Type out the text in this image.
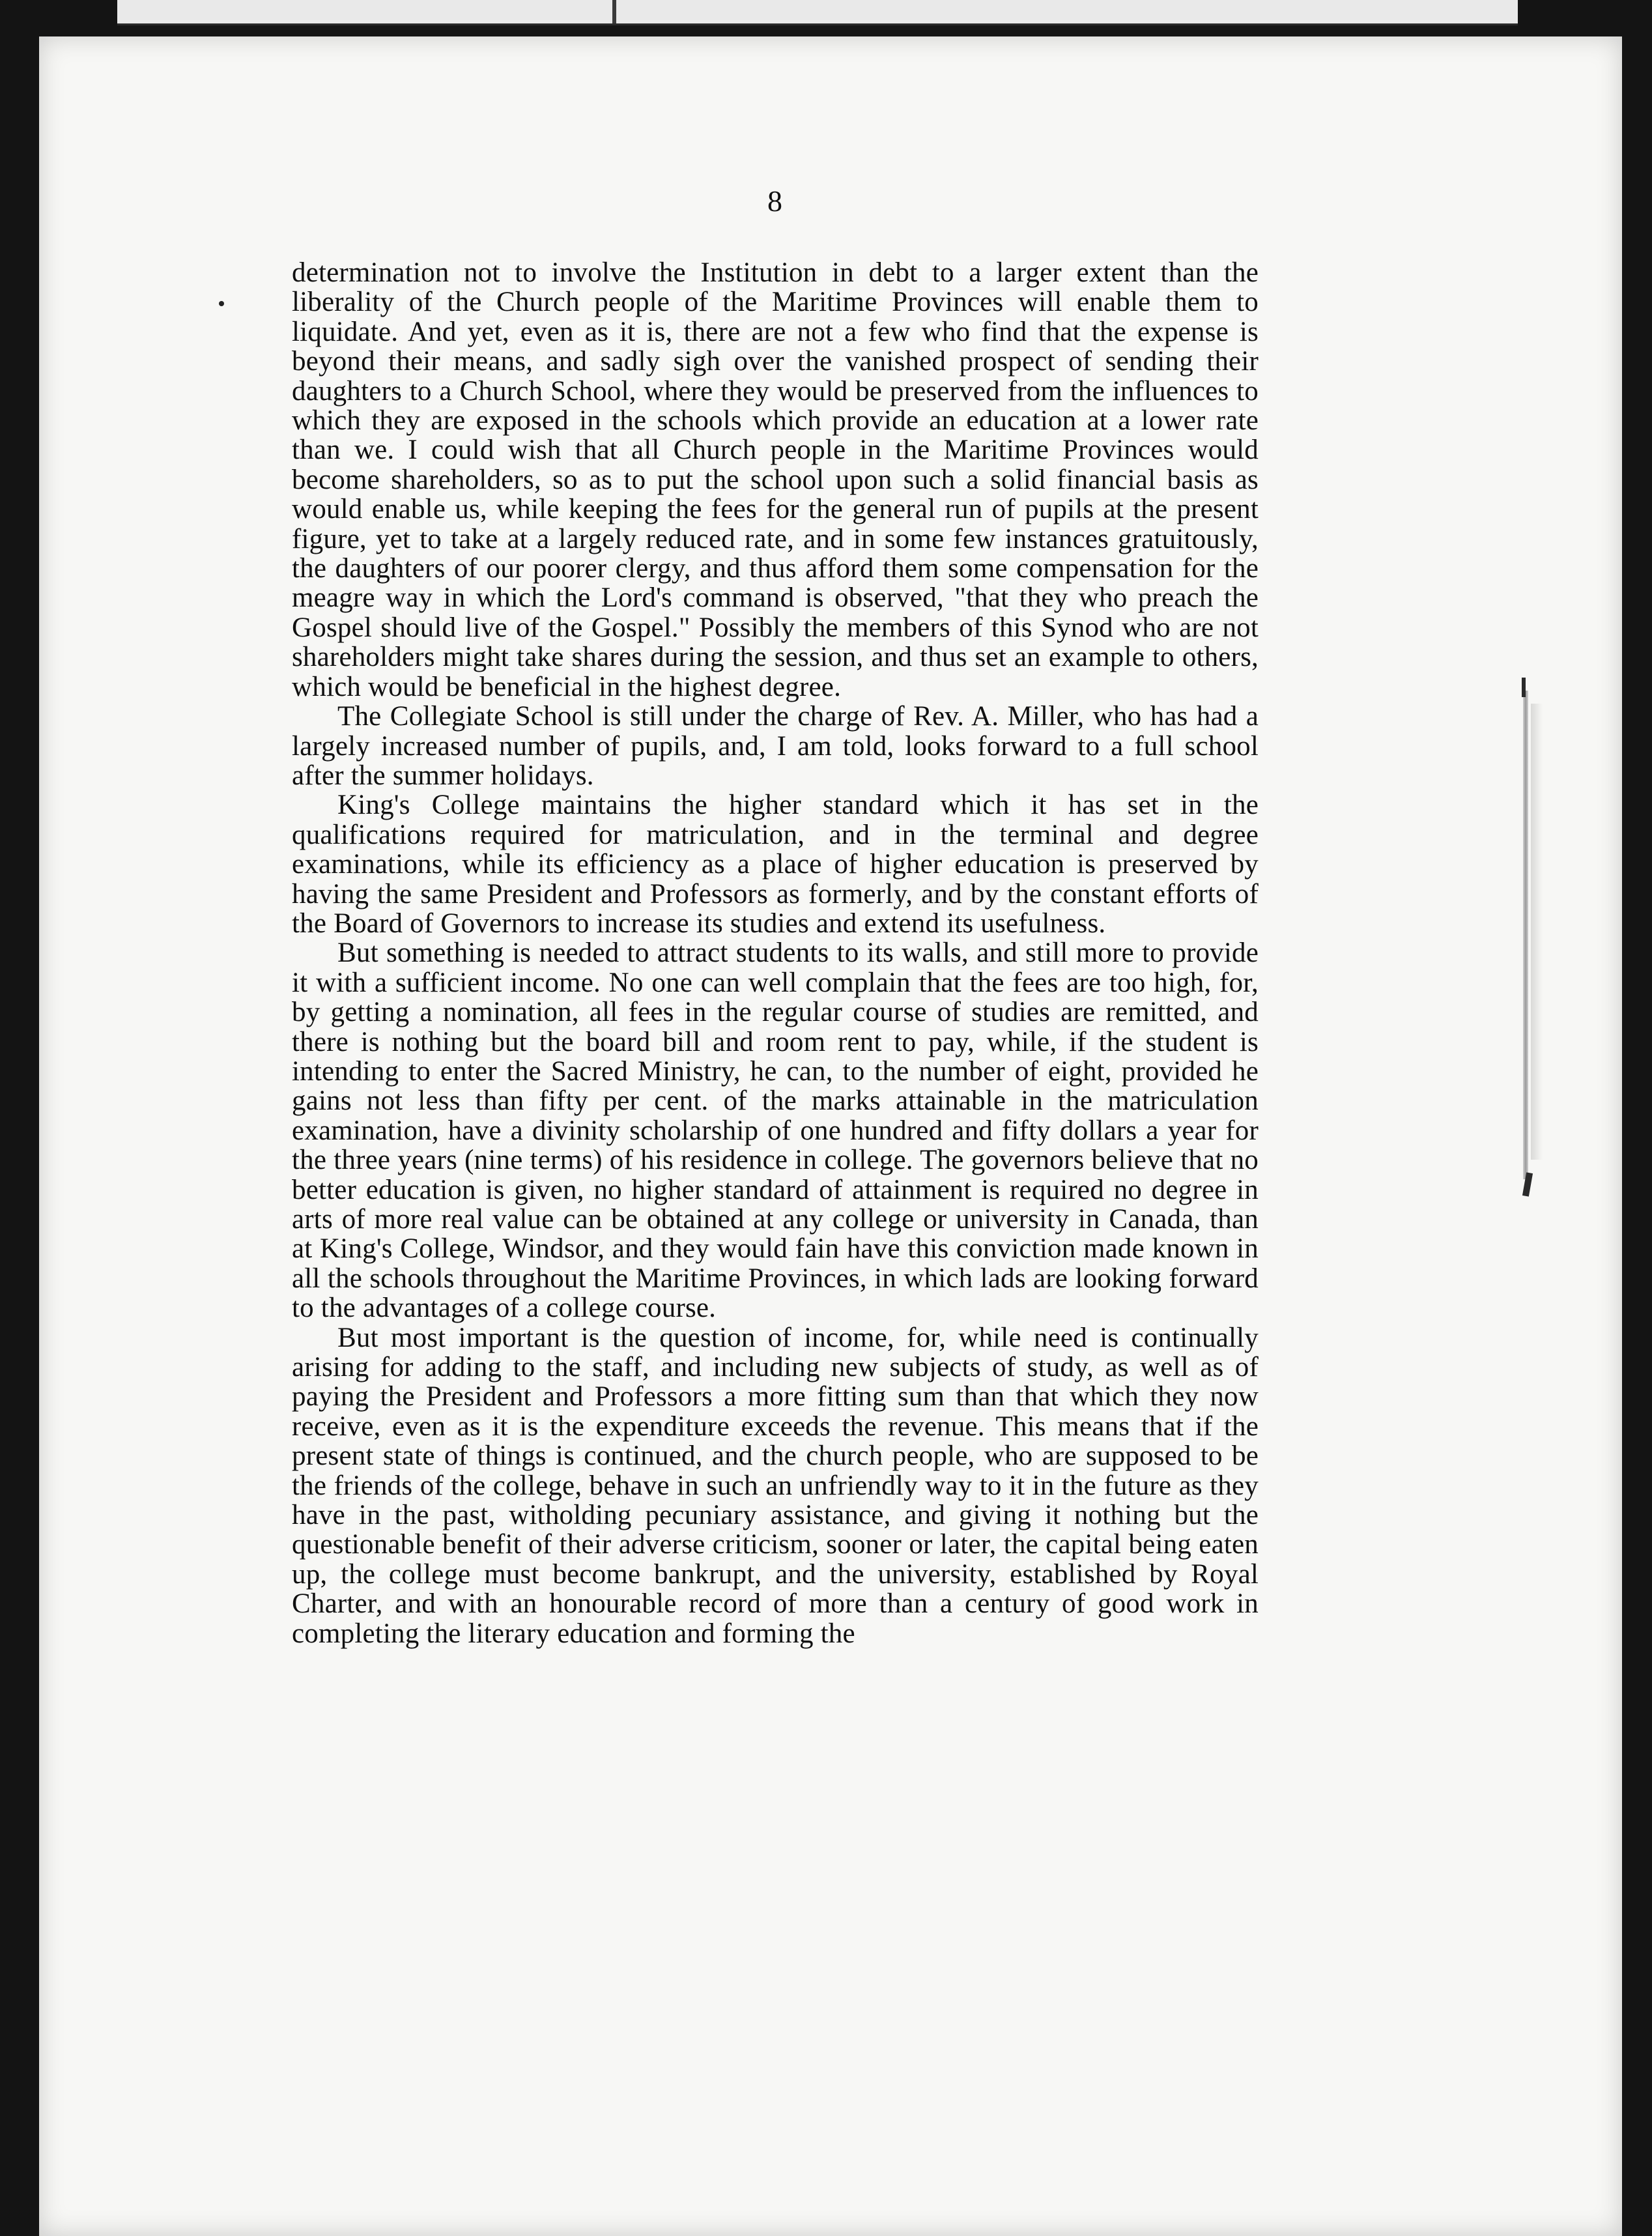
8

determination not to involve the Institution in debt to a larger extent than the liberality of the Church people of the Maritime Provinces will enable them to liquidate. And yet, even as it is, there are not a few who find that the expense is beyond their means, and sadly sigh over the vanished prospect of sending their daughters to a Church School, where they would be preserved from the influences to which they are exposed in the schools which provide an education at a lower rate than we. I could wish that all Church people in the Maritime Provinces would become shareholders, so as to put the school upon such a solid financial basis as would enable us, while keeping the fees for the general run of pupils at the present figure, yet to take at a largely reduced rate, and in some few instances gratuitously, the daughters of our poorer clergy, and thus afford them some compensation for the meagre way in which the Lord's command is observed, "that they who preach the Gospel should live of the Gospel." Possibly the members of this Synod who are not shareholders might take shares during the session, and thus set an example to others, which would be beneficial in the highest degree.

The Collegiate School is still under the charge of Rev. A. Miller, who has had a largely increased number of pupils, and, I am told, looks forward to a full school after the summer holidays.

King's College maintains the higher standard which it has set in the qualifications required for matriculation, and in the terminal and degree examinations, while its efficiency as a place of higher education is preserved by having the same President and Professors as formerly, and by the constant efforts of the Board of Governors to increase its studies and extend its usefulness.

But something is needed to attract students to its walls, and still more to provide it with a sufficient income. No one can well complain that the fees are too high, for, by getting a nomination, all fees in the regular course of studies are remitted, and there is nothing but the board bill and room rent to pay, while, if the student is intending to enter the Sacred Ministry, he can, to the number of eight, provided he gains not less than fifty per cent. of the marks attainable in the matriculation examination, have a divinity scholarship of one hundred and fifty dollars a year for the three years (nine terms) of his residence in college. The governors believe that no better education is given, no higher standard of attainment is required no degree in arts of more real value can be obtained at any college or university in Canada, than at King's College, Windsor, and they would fain have this conviction made known in all the schools throughout the Maritime Provinces, in which lads are looking forward to the advantages of a college course.

But most important is the question of income, for, while need is continually arising for adding to the staff, and including new subjects of study, as well as of paying the President and Professors a more fitting sum than that which they now receive, even as it is the expenditure exceeds the revenue. This means that if the present state of things is continued, and the church people, who are supposed to be the friends of the college, behave in such an unfriendly way to it in the future as they have in the past, witholding pecuniary assistance, and giving it nothing but the questionable benefit of their adverse criticism, sooner or later, the capital being eaten up, the college must become bankrupt, and the university, established by Royal Charter, and with an honourable record of more than a century of good work in completing the literary education and forming the
